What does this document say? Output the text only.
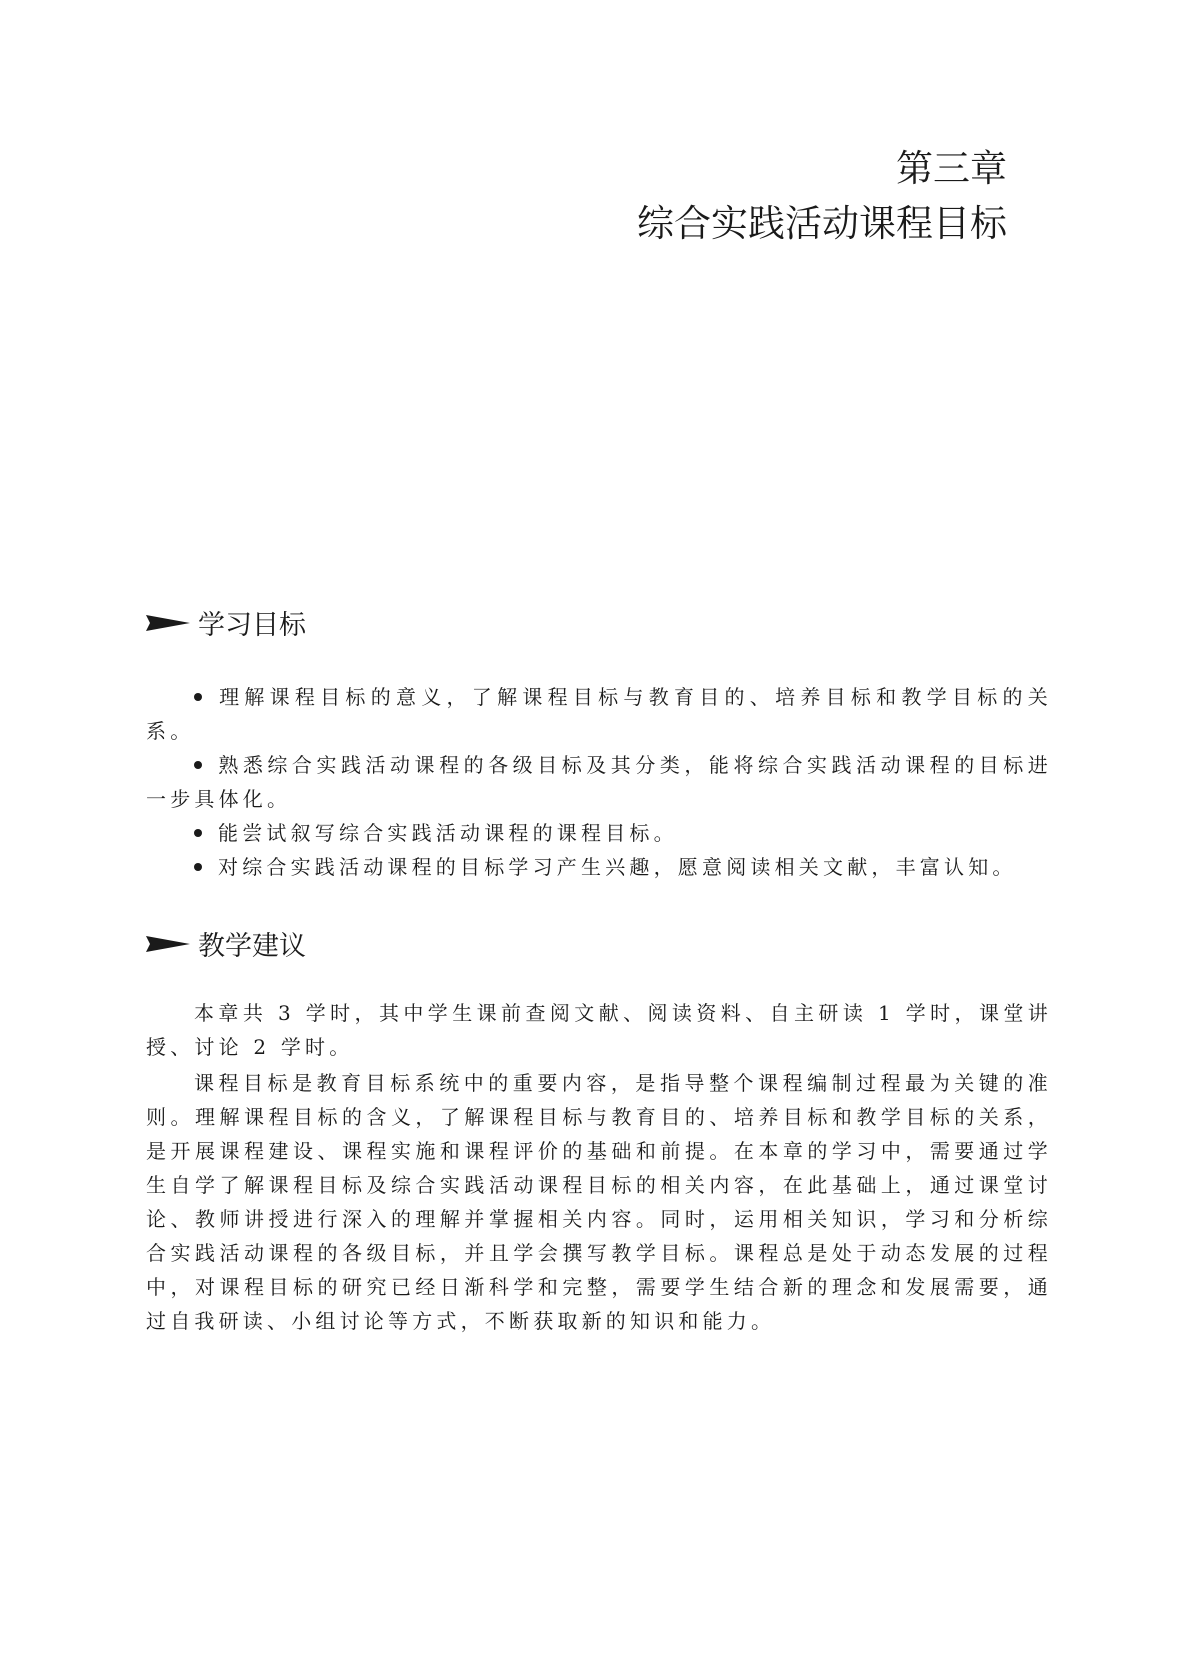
第三章
综合实践活动课程目标
学习目标
理解课程目标的意义，了解课程目标与教育目的、培养目标和教学目标的关系。
熟悉综合实践活动课程的各级目标及其分类，能将综合实践活动课程的目标进一步具体化。
能尝试叙写综合实践活动课程的课程目标。
对综合实践活动课程的目标学习产生兴趣，愿意阅读相关文献，丰富认知。
教学建议

本章共 3 学时，其中学生课前查阅文献、阅读资料、自主研读 1 学时，课堂讲授、讨论 2 学时。

课程目标是教育目标系统中的重要内容，是指导整个课程编制过程最为关键的准则。理解课程目标的含义，了解课程目标与教育目的、培养目标和教学目标的关系，是开展课程建设、课程实施和课程评价的基础和前提。在本章的学习中，需要通过学生自学了解课程目标及综合实践活动课程目标的相关内容，在此基础上，通过课堂讨论、教师讲授进行深入的理解并掌握相关内容。同时，运用相关知识，学习和分析综合实践活动课程的各级目标，并且学会撰写教学目标。课程总是处于动态发展的过程中，对课程目标的研究已经日渐科学和完整，需要学生结合新的理念和发展需要，通过自我研读、小组讨论等方式，不断获取新的知识和能力。
